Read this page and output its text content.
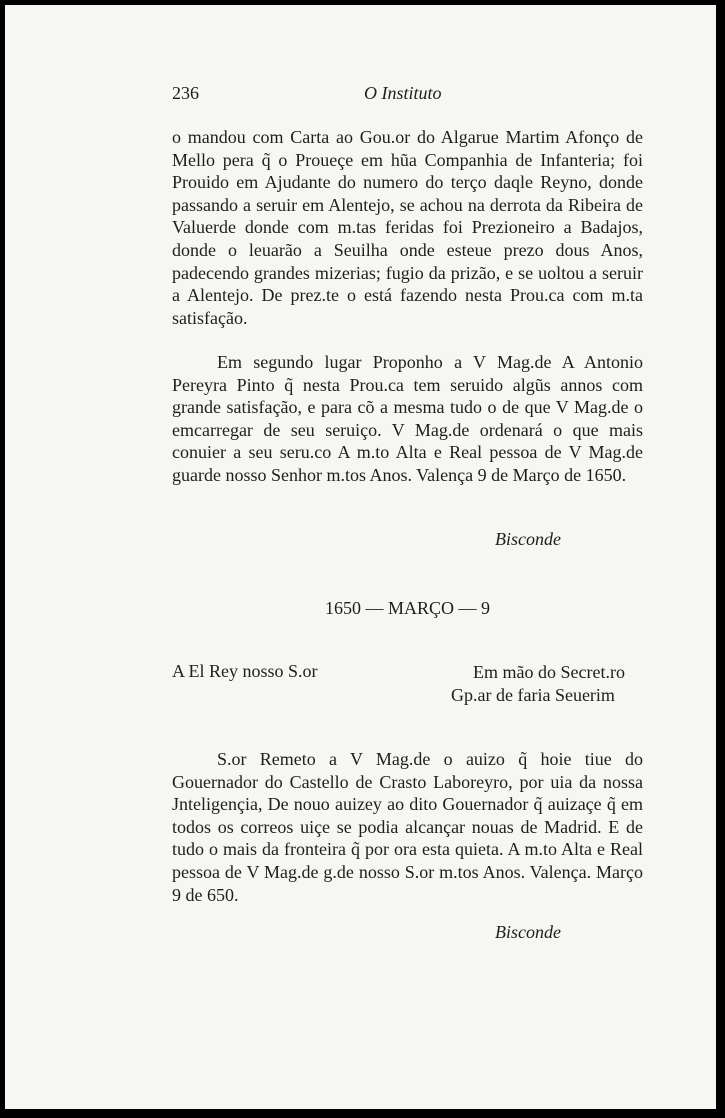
236	O Instituto

o mandou com Carta ao Gou.or do Algarue Martim Afonço de Mello pera q̃ o Proueçe em hũa Companhia de Infanteria; foi Prouido em Ajudante do numero do terço daqle Reyno, donde passando a seruir em Alentejo, se achou na derrota da Ribeira de Valuerde donde com m.tas feridas foi Prezioneiro a Badajos, donde o leuarão a Seuilha onde esteue prezo dous Anos, padecendo grandes mizerias; fugio da prizão, e se uoltou a seruir a Alentejo. De prez.te o está fazendo nesta Prou.ca com m.ta satisfação.

Em segundo lugar Proponho a V Mag.de A Antonio Pereyra Pinto q̃ nesta Prou.ca tem seruido algũs annos com grande satisfação, e para cõ a mesma tudo o de que V Mag.de o emcarregar de seu seruiço. V Mag.de ordenará o que mais conuier a seu seru.co A m.to Alta e Real pessoa de V Mag.de guarde nosso Senhor m.tos Anos. Valença 9 de Março de 1650.

Bisconde
1650 — MARÇO — 9
A El Rey nosso S.or	Em mão do Secret.ro
Gp.ar de faria Seuerim

S.or Remeto a V Mag.de o auizo q̃ hoie tiue do Gouernador do Castello de Crasto Laboreyro, por uia da nossa Jnteligençia, De nouo auizey ao dito Gouernador q̃ auizaçe q̃ em todos os correos uiçe se podia alcançar nouas de Madrid. E de tudo o mais da fronteira q̃ por ora esta quieta. A m.to Alta e Real pessoa de V Mag.de g.de nosso S.or m.tos Anos. Valença. Março 9 de 650.

Bisconde
